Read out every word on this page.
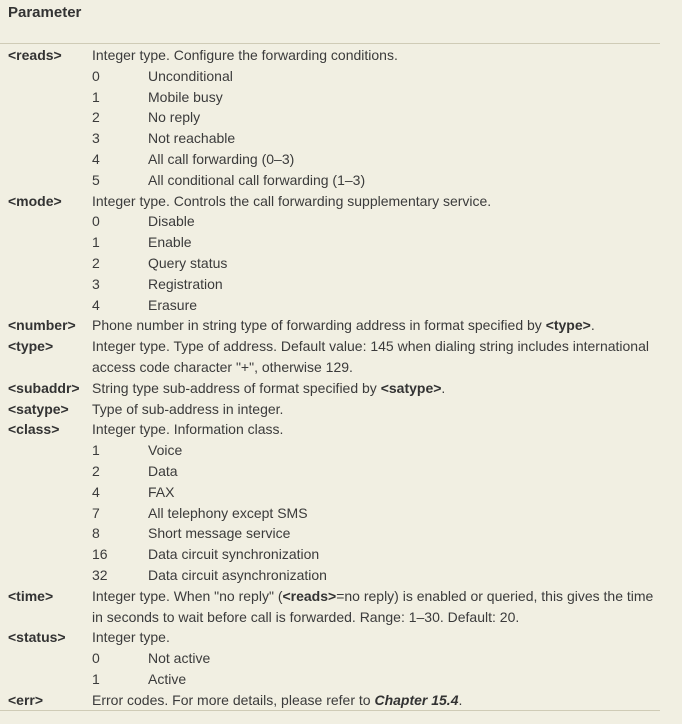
Parameter
<reads>	Integer type. Configure the forwarding conditions.
0	Unconditional
1	Mobile busy
2	No reply
3	Not reachable
4	All call forwarding (0–3)
5	All conditional call forwarding (1–3)
<mode>	Integer type. Controls the call forwarding supplementary service.
0	Disable
1	Enable
2	Query status
3	Registration
4	Erasure
<number>	Phone number in string type of forwarding address in format specified by <type>.
<type>	Integer type. Type of address. Default value: 145 when dialing string includes international
access code character "+", otherwise 129.
<subaddr> String type sub-address of format specified by <satype>.
<satype>	Type of sub-address in integer.
<class>	Integer type. Information class.
1	Voice
2	Data
4	FAX
7	All telephony except SMS
8	Short message service
16	Data circuit synchronization
32	Data circuit asynchronization
<time>	Integer type. When "no reply" (<reads>=no reply) is enabled or queried, this gives the time
in seconds to wait before call is forwarded. Range: 1–30. Default: 20.
<status>	Integer type.
0	Not active
1	Active
<err>	Error codes. For more details, please refer to Chapter 15.4.
